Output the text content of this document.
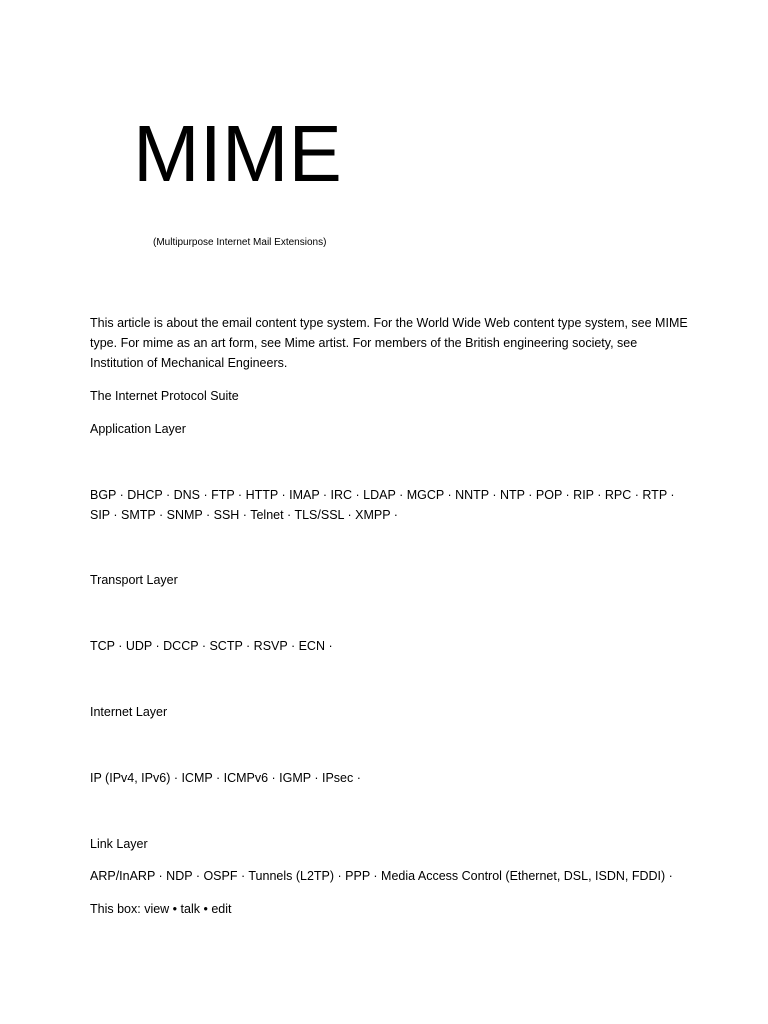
MIME

(Multipurpose Internet Mail Extensions)

This article is about the email content type system. For the World Wide Web content type system, see MIME type. For mime as an art form, see Mime artist. For members of the British engineering society, see Institution of Mechanical Engineers.

The Internet Protocol Suite

Application Layer

BGP · DHCP · DNS · FTP · HTTP · IMAP · IRC · LDAP · MGCP · NNTP · NTP · POP · RIP · RPC · RTP · SIP · SMTP · SNMP · SSH · Telnet · TLS/SSL · XMPP ·

Transport Layer

TCP · UDP · DCCP · SCTP · RSVP · ECN ·

Internet Layer

IP (IPv4, IPv6) · ICMP · ICMPv6 · IGMP · IPsec ·

Link Layer

ARP/InARP · NDP · OSPF · Tunnels (L2TP) · PPP · Media Access Control (Ethernet, DSL, ISDN, FDDI) ·

This box: view • talk • edit
